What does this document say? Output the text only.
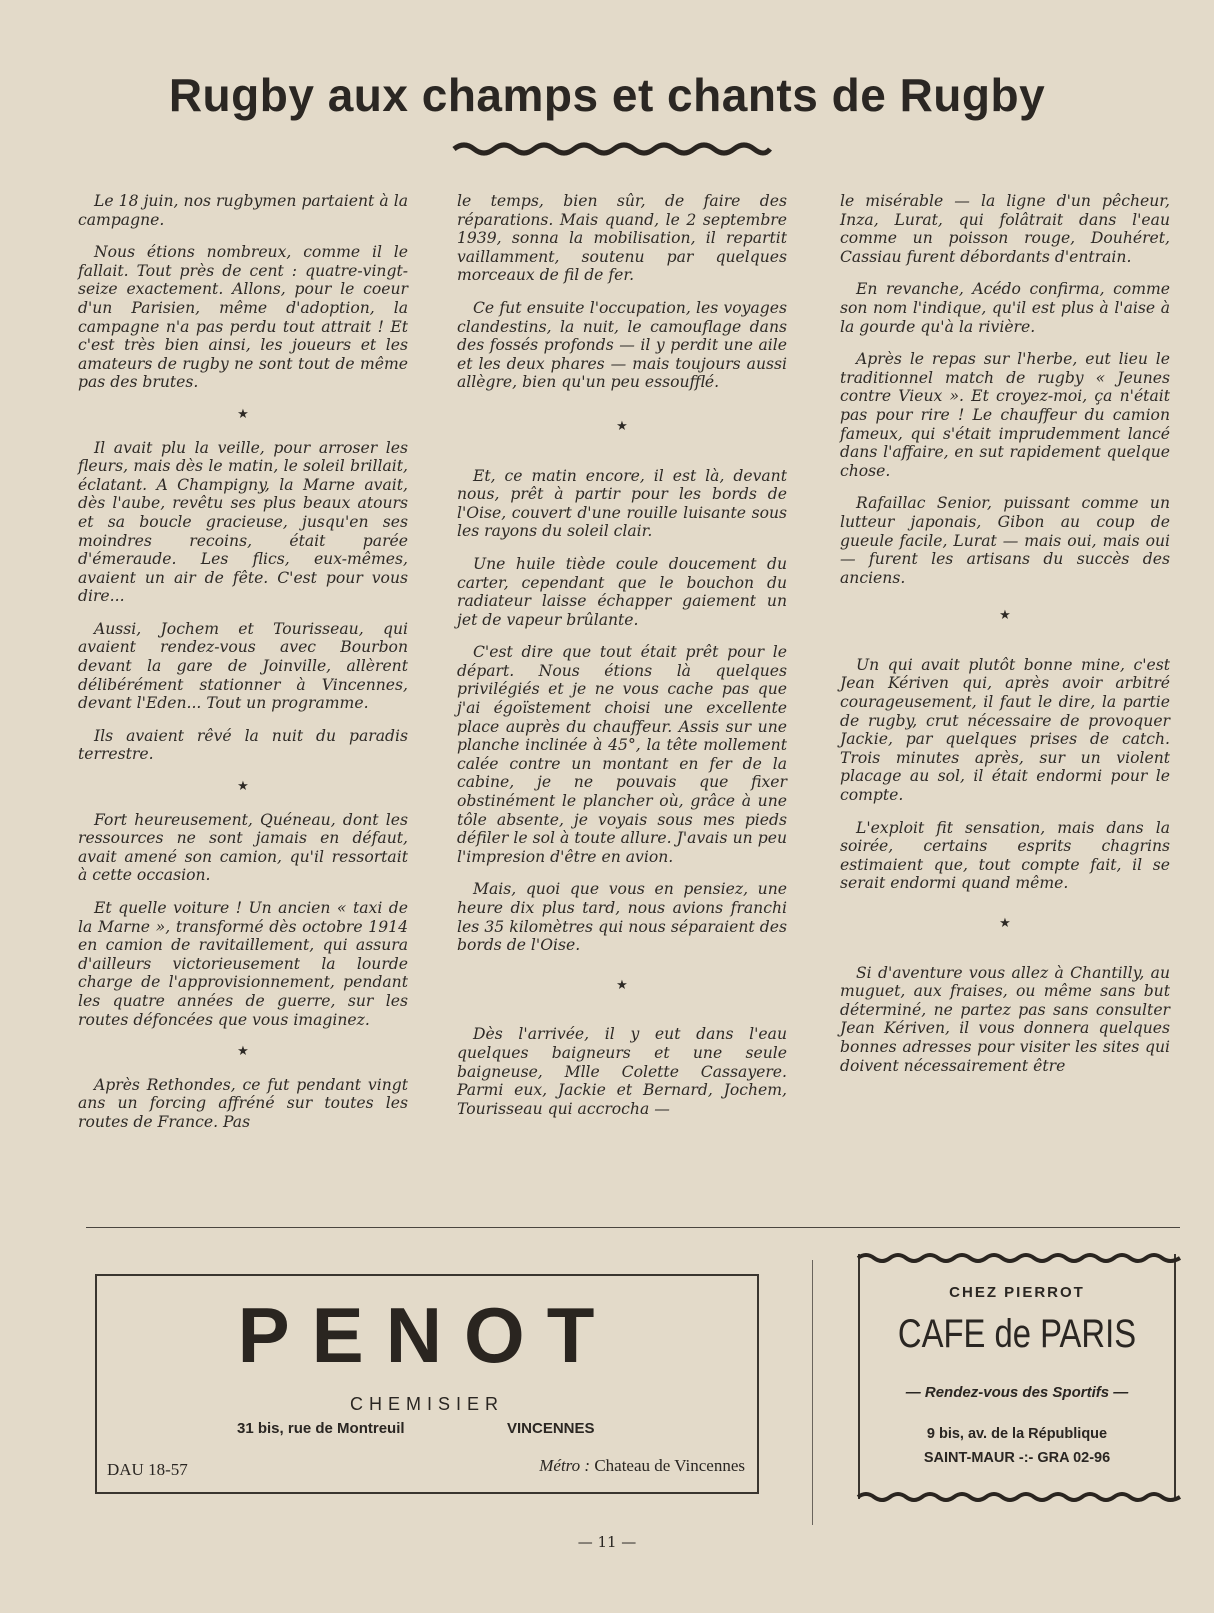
Rugby aux champs et chants de Rugby

Le 18 juin, nos rugbymen partaient à la campagne.

Nous étions nombreux, comme il le fallait. Tout près de cent : quatre-vingt-seize exactement. Allons, pour le coeur d'un Parisien, même d'adoption, la campagne n'a pas perdu tout attrait ! Et c'est très bien ainsi, les joueurs et les amateurs de rugby ne sont tout de même pas des brutes.

★

Il avait plu la veille, pour arroser les fleurs, mais dès le matin, le soleil brillait, éclatant. A Champigny, la Marne avait, dès l'aube, revêtu ses plus beaux atours et sa boucle gracieuse, jusqu'en ses moindres recoins, était parée d'émeraude. Les flics, eux-mêmes, avaient un air de fête. C'est pour vous dire...

Aussi, Jochem et Tourisseau, qui avaient rendez-vous avec Bourbon devant la gare de Joinville, allèrent délibérément stationner à Vincennes, devant l'Eden... Tout un programme.

Ils avaient rêvé la nuit du paradis terrestre.

★

Fort heureusement, Quéneau, dont les ressources ne sont jamais en défaut, avait amené son camion, qu'il ressortait à cette occasion.

Et quelle voiture ! Un ancien « taxi de la Marne », transformé dès octobre 1914 en camion de ravitaillement, qui assura d'ailleurs victorieusement la lourde charge de l'approvisionnement, pendant les quatre années de guerre, sur les routes défoncées que vous imaginez.

★

Après Rethondes, ce fut pendant vingt ans un forcing affréné sur toutes les routes de France. Pas

le temps, bien sûr, de faire des réparations. Mais quand, le 2 septembre 1939, sonna la mobilisation, il repartit vaillamment, soutenu par quelques morceaux de fil de fer.

Ce fut ensuite l'occupation, les voyages clandestins, la nuit, le camouflage dans des fossés profonds — il y perdit une aile et les deux phares — mais toujours aussi allègre, bien qu'un peu essoufflé.

★

Et, ce matin encore, il est là, devant nous, prêt à partir pour les bords de l'Oise, couvert d'une rouille luisante sous les rayons du soleil clair.

Une huile tiède coule doucement du carter, cependant que le bouchon du radiateur laisse échapper gaiement un jet de vapeur brûlante.

C'est dire que tout était prêt pour le départ. Nous étions là quelques privilégiés et je ne vous cache pas que j'ai égoïstement choisi une excellente place auprès du chauffeur. Assis sur une planche inclinée à 45°, la tête mollement calée contre un montant en fer de la cabine, je ne pouvais que fixer obstinément le plancher où, grâce à une tôle absente, je voyais sous mes pieds défiler le sol à toute allure. J'avais un peu l'impresion d'être en avion.

Mais, quoi que vous en pensiez, une heure dix plus tard, nous avions franchi les 35 kilomètres qui nous séparaient des bords de l'Oise.

★

Dès l'arrivée, il y eut dans l'eau quelques baigneurs et une seule baigneuse, Mlle Colette Cassayere. Parmi eux, Jackie et Bernard, Jochem, Tourisseau qui accrocha —

le misérable — la ligne d'un pêcheur, Inza, Lurat, qui folâtrait dans l'eau comme un poisson rouge, Douhéret, Cassiau furent débordants d'entrain.

En revanche, Acédo confirma, comme son nom l'indique, qu'il est plus à l'aise à la gourde qu'à la rivière.

Après le repas sur l'herbe, eut lieu le traditionnel match de rugby « Jeunes contre Vieux ». Et croyez-moi, ça n'était pas pour rire ! Le chauffeur du camion fameux, qui s'était imprudemment lancé dans l'affaire, en sut rapidement quelque chose.

Rafaillac Senior, puissant comme un lutteur japonais, Gibon au coup de gueule facile, Lurat — mais oui, mais oui — furent les artisans du succès des anciens.

★

Un qui avait plutôt bonne mine, c'est Jean Kériven qui, après avoir arbitré courageusement, il faut le dire, la partie de rugby, crut nécessaire de provoquer Jackie, par quelques prises de catch. Trois minutes après, sur un violent placage au sol, il était endormi pour le compte.

L'exploit fit sensation, mais dans la soirée, certains esprits chagrins estimaient que, tout compte fait, il se serait endormi quand même.

★

Si d'aventure vous allez à Chantilly, au muguet, aux fraises, ou même sans but déterminé, ne partez pas sans consulter Jean Kériven, il vous donnera quelques bonnes adresses pour visiter les sites qui doivent nécessairement être

PENOT
CHEMISIER
31 bis, rue de Montreuil	VINCENNES
DAU 18-57	Métro : Chateau de Vincennes
CHEZ PIERROT
CAFE de PARIS
— Rendez-vous des Sportifs —
9 bis, av. de la République
SAINT-MAUR -:- GRA 02-96
— 11 —
